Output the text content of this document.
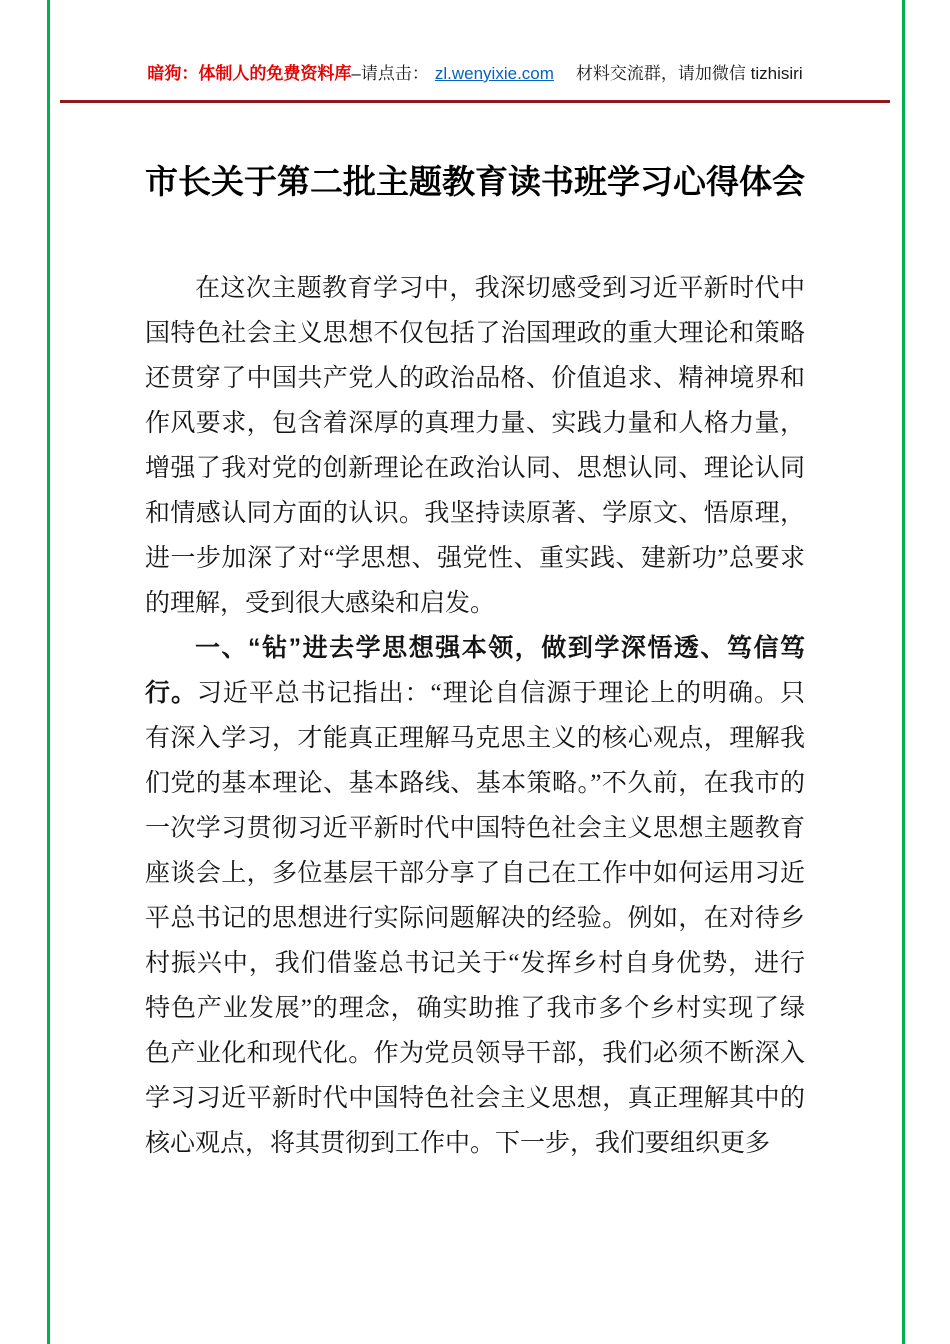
暗狗：体制人的免费资料库–请点击： zl.wenyixie.com 材料交流群，请加微信 tizhisiri
市长关于第二批主题教育读书班学习心得体会

在这次主题教育学习中，我深切感受到习近平新时代中国特色社会主义思想不仅包括了治国理政的重大理论和策略还贯穿了中国共产党人的政治品格、价值追求、精神境界和作风要求，包含着深厚的真理力量、实践力量和人格力量，增强了我对党的创新理论在政治认同、思想认同、理论认同和情感认同方面的认识。我坚持读原著、学原文、悟原理，进一步加深了对“学思想、强党性、重实践、建新功”总要求的理解，受到很大感染和启发。

一、“钻”进去学思想强本领，做到学深悟透、笃信笃行。习近平总书记指出：“理论自信源于理论上的明确。只有深入学习，才能真正理解马克思主义的核心观点，理解我们党的基本理论、基本路线、基本策略。”不久前，在我市的一次学习贯彻习近平新时代中国特色社会主义思想主题教育座谈会上，多位基层干部分享了自己在工作中如何运用习近平总书记的思想进行实际问题解决的经验。例如，在对待乡村振兴中，我们借鉴总书记关于“发挥乡村自身优势，进行特色产业发展”的理念，确实助推了我市多个乡村实现了绿色产业化和现代化。作为党员领导干部，我们必须不断深入学习习近平新时代中国特色社会主义思想，真正理解其中的核心观点，将其贯彻到工作中。下一步，我们要组织更多
